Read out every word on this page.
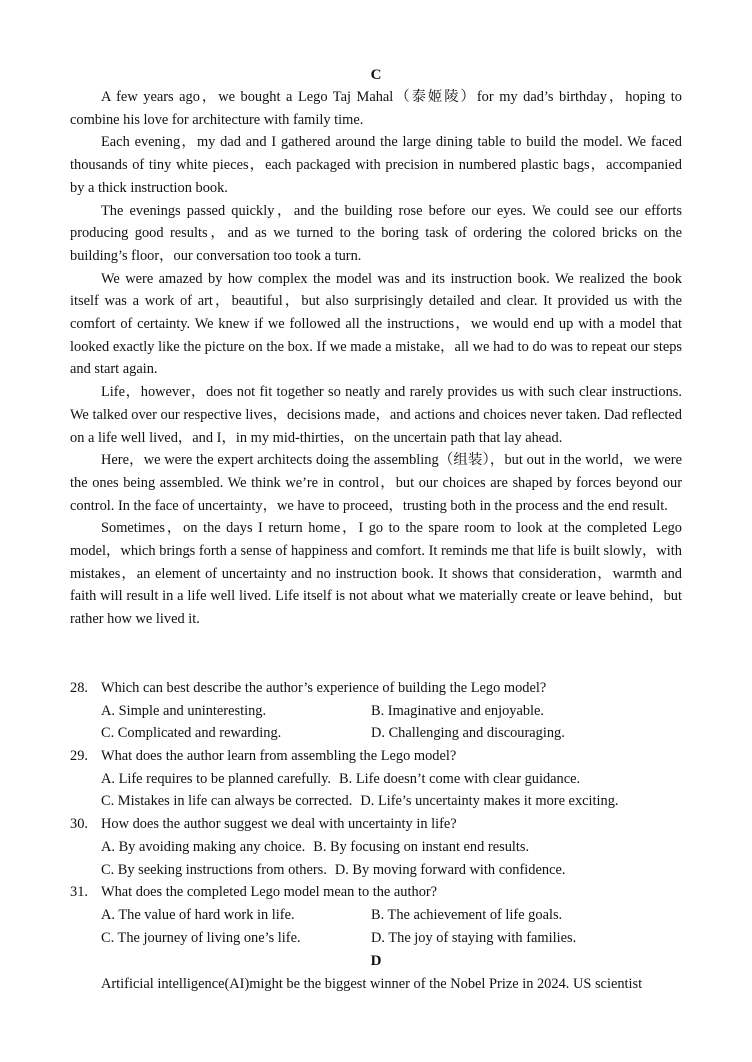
C

A few years ago，we bought a Lego Taj Mahal（泰姬陵）for my dad’s birthday，hoping to combine his love for architecture with family time.

Each evening，my dad and I gathered around the large dining table to build the model. We faced thousands of tiny white pieces，each packaged with precision in numbered plastic bags，accompanied by a thick instruction book.

The evenings passed quickly，and the building rose before our eyes. We could see our efforts producing good results，and as we turned to the boring task of ordering the colored bricks on the building’s floor，our conversation too took a turn.

We were amazed by how complex the model was and its instruction book. We realized the book itself was a work of art，beautiful，but also surprisingly detailed and clear. It provided us with the comfort of certainty. We knew if we followed all the instructions，we would end up with a model that looked exactly like the picture on the box. If we made a mistake，all we had to do was to repeat our steps and start again.

Life，however，does not fit together so neatly and rarely provides us with such clear instructions. We talked over our respective lives，decisions made，and actions and choices never taken. Dad reflected on a life well lived，and I，in my mid-thirties，on the uncertain path that lay ahead.

Here，we were the expert architects doing the assembling（组装），but out in the world，we were the ones being assembled. We think we’re in control，but our choices are shaped by forces beyond our control. In the face of uncertainty，we have to proceed，trusting both in the process and the end result.

Sometimes，on the days I return home，I go to the spare room to look at the completed Lego model，which brings forth a sense of happiness and comfort. It reminds me that life is built slowly，with mistakes，an element of uncertainty and no instruction book. It shows that consideration，warmth and faith will result in a life well lived. Life itself is not about what we materially create or leave behind，but rather how we lived it.

28. Which can best describe the author’s experience of building the Lego model?
A. Simple and uninteresting.	B. Imaginative and enjoyable.
C. Complicated and rewarding.	D. Challenging and discouraging.
29. What does the author learn from assembling the Lego model?
A. Life requires to be planned carefully. B. Life doesn’t come with clear guidance.
C. Mistakes in life can always be corrected. D. Life’s uncertainty makes it more exciting.
30. How does the author suggest we deal with uncertainty in life?
A. By avoiding making any choice. B. By focusing on instant end results.
C. By seeking instructions from others. D. By moving forward with confidence.
31. What does the completed Lego model mean to the author?
A. The value of hard work in life.	B. The achievement of life goals.
C. The journey of living one’s life.	D. The joy of staying with families.
D

Artificial intelligence(AI)might be the biggest winner of the Nobel Prize in 2024. US scientist
